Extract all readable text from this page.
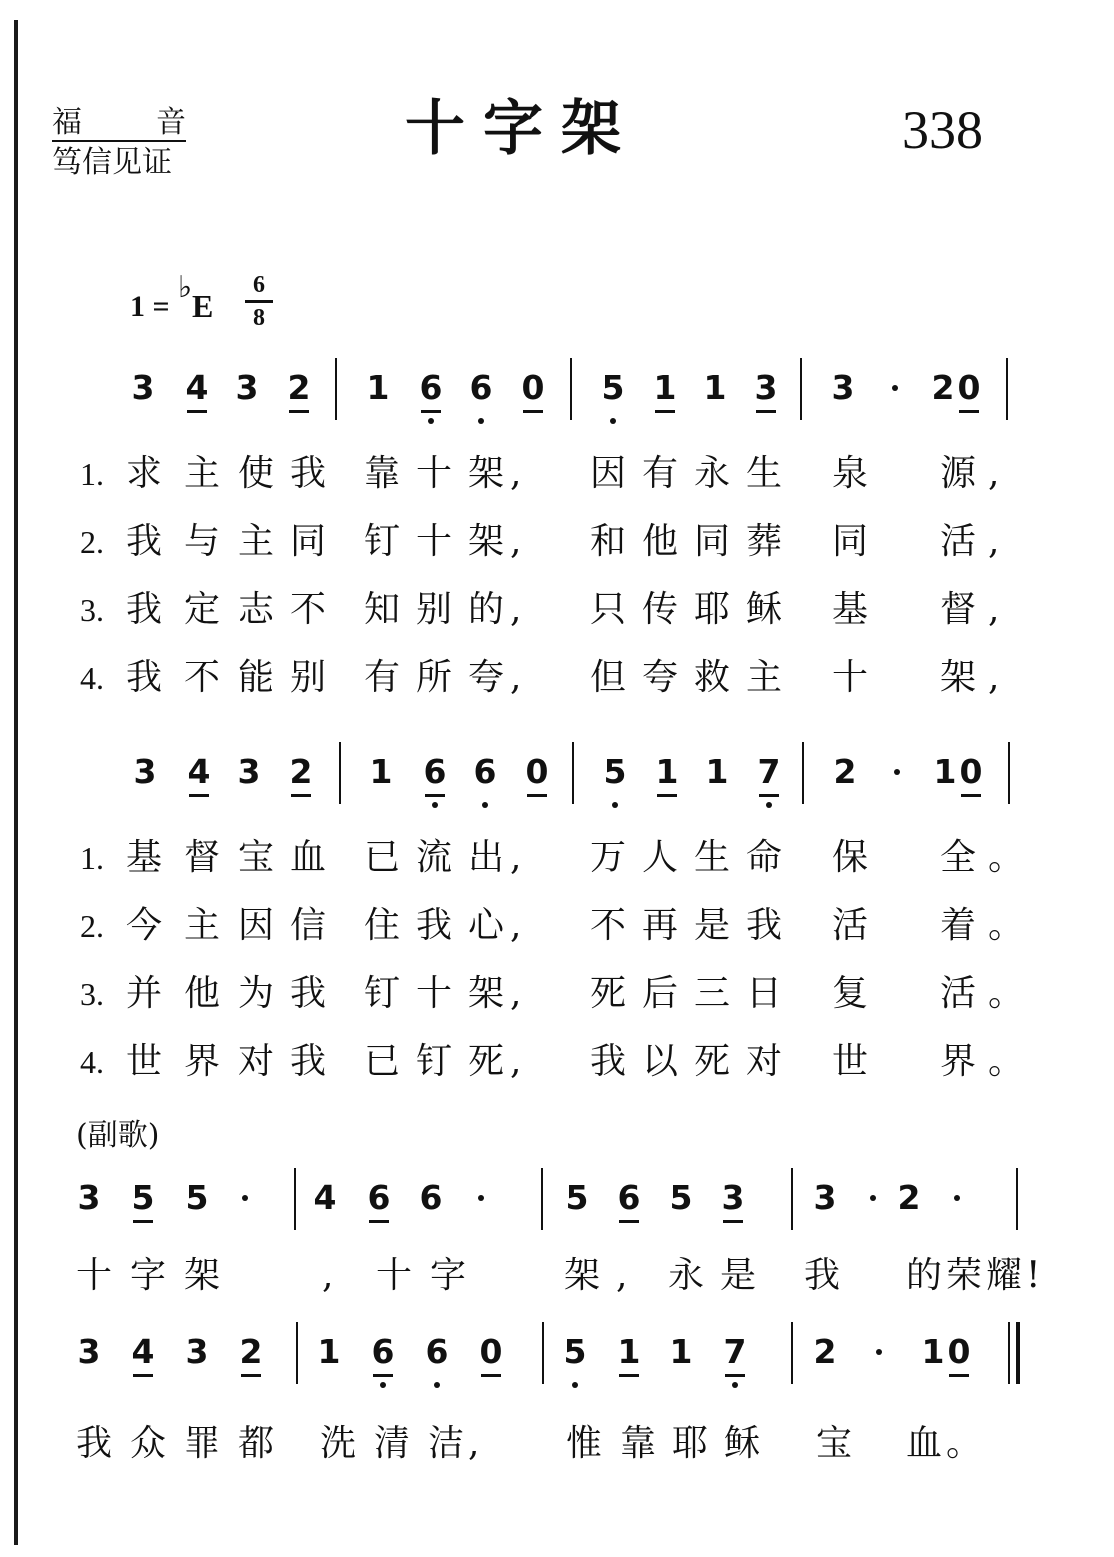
福 音
笃信见证	十字架	338
1 =
♭
E
6
8
3 4 3 2 1 6 6 0 5 1 1 3 3 2 0
1. 求 主 使 我 靠 十 架 , 因 有 永 生 泉 源 ,
2. 我 与 主 同 钉 十 架 , 和 他 同 葬 同 活 ,
3. 我 定 志 不 知 别 的 , 只 传 耶 稣 基 督 ,
4. 我 不 能 别 有 所 夸 , 但 夸 救 主 十 架 ,
3 4 3 2 1 6 6 0 5 1 1 7 2 1 0
1. 基 督 宝 血 已 流 出 , 万 人 生 命 保 全 。
2. 今 主 因 信 住 我 心 , 不 再 是 我 活 着 。
3. 并 他 为 我 钉 十 架 , 死 后 三 日 复 活 。
4. 世 界 对 我 已 钉 死 , 我 以 死 对 世 界 。
(副歌)
3 5 5	4 6 6	5 6 5 3 3 2
十 字 架	, 十 字	架 , 永 是 我 的 荣 耀 !
3 4 3 2 1 6 6 0 5 1 1 7 2	1 0
我 众 罪 都 洗 清 洁 , 惟 靠 耶 稣 宝 血 。
